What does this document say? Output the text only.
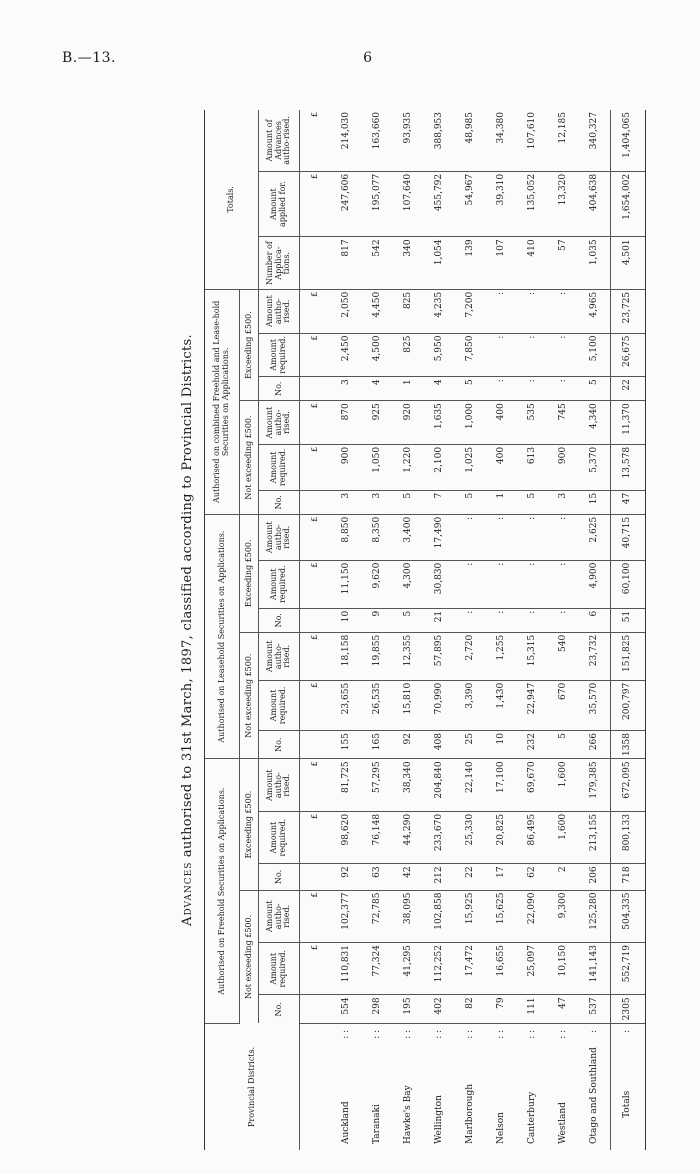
B.—13.	6
Advances authorised to 31st March, 1897, classified according to Provincial Districts.
Provincial Districts.	Authorised on Freehold Securities on Applications.						Authorised on Leasehold Securities on Applications.						Authorised on combined Freehold and Lease-hold Securities on Applications.						Totals.		
	Not exceeding £500.			Exceeding £500.			Not exceeding £500.			Exceeding £500.			Not exceeding £500.			Exceeding £500.					
	No.	Amount required.	Amount autho-rised.	No.	Amount required.	Amount autho-rised.	No.	Amount required.	Amount autho-rised.	No.	Amount required.	Amount autho-rised.	No.	Amount required.	Amount autho-rised.	No.	Amount required.	Amount autho-rised.	Number of Applica-tions.	Amount applied for.	Amount of Advances autho-rised.
		£	£		£	£		£	£		£	£		£	£		£	£		£	£

Auckland
: :	554	110,831	102,377	92	98,620	81,725	155	23,655	18,158	10	11,150	8,850	3	900	870	3	2,450	2,050	817	247,606	214,030

Taranaki
: :	298	77,324	72,785	63	76,148	57,295	165	26,535	19,855	9	9,620	8,350	3	1,050	925	4	4,500	4,450	542	195,077	163,660

Hawke's Bay
: :	195	41,295	38,095	42	44,290	38,340	92	15,810	12,355	5	4,300	3,400	5	1,220	920	1	825	825	340	107,640	93,935

Wellington
: :	402	112,252	102,858	212	233,670	204,840	408	70,990	57,895	21	30,830	17,490	7	2,100	1,635	4	5,950	4,235	1,054	455,792	388,953

Marlborough
: :	82	17,472	15,925	22	25,330	22,140	25	3,390	2,720	:	:	:	5	1,025	1,000	5	7,850	7,200	139	54,967	48,985

Nelson
: :	79	16,655	15,625	17	20,825	17,100	10	1,430	1,255	:	:	:	1	400	400	:	:	:	107	39,310	34,380

Canterbury
: :	111	25,097	22,090	62	86,495	69,670	232	22,947	15,315	:	:	:	5	613	535	:	:	:	410	135,052	107,610

Westland
: :	47	10,150	9,300	2	1,600	1,600	5	670	540	:	:	:	3	900	745	:	:	:	57	13,320	12,185

Otago and Southland
:	537	141,143	125,280	206	213,155	179,385	266	35,570	23,732	6	4,900	2,625	15	5,370	4,340	5	5,100	4,965	1,035	404,638	340,327

Totals
:	2305	552,719	504,335	718	800,133	672,095	1358	200,797	151,825	51	60,100	40,715	47	13,578	11,370	22	26,675	23,725	4,501	1,654,002	1,404,065
